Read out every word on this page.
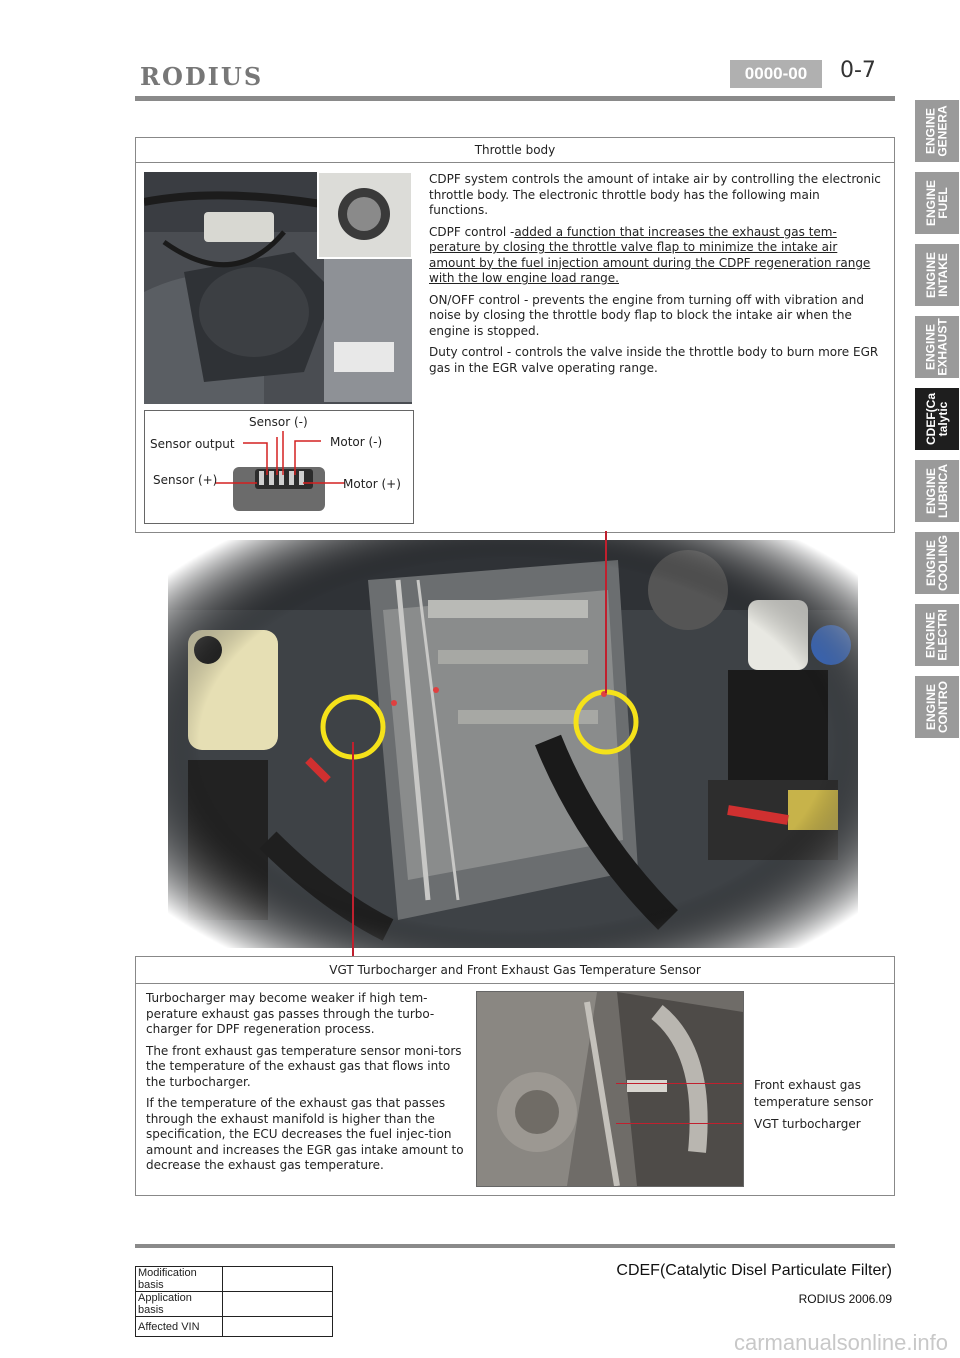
RODIUS	0000-00	0-7
ENGINE
GENERA
ENGINE
FUEL
ENGINE
INTAKE
ENGINE
EXHAUST
CDEF(Ca
talytic
ENGINE
LUBRICA
ENGINE
COOLING
ENGINE
ELECTRI
ENGINE
CONTRO
Throttle body
Sensor (-)
Sensor output	Motor (-)
Sensor (+)	Motor (+)

CDPF system controls the amount of intake air by controlling the electronic throttle body. The electronic throttle body has the following main functions.

CDPF control -added a function that increases the exhaust gas tem-perature by closing the throttle valve flap to minimize the intake air amount by the fuel injection amount during the CDPF regeneration range with the low engine load range.

ON/OFF control - prevents the engine from turning off with vibration and noise by closing the throttle body flap to block the intake air when the engine is stopped.

Duty control - controls the valve inside the throttle body to burn more EGR gas in the EGR valve operating range.

VGT Turbocharger and Front Exhaust Gas Temperature Sensor

Turbocharger may become weaker if high tem-perature exhaust gas passes through the turbo-charger for DPF regeneration process.

The front exhaust gas temperature sensor moni-tors the temperature of the exhaust gas that flows into the turbocharger.

If the temperature of the exhaust gas that passes through the exhaust manifold is higher than the specification, the ECU decreases the fuel injec-tion amount and increases the EGR gas intake amount to decrease the exhaust gas temperature.

Front exhaust gas
temperature sensor
VGT turbocharger
CDEF(Catalytic Disel Particulate Filter)
RODIUS 2006.09
Modification basis	
Application basis	
Affected VIN	
carmanualsonline.info
